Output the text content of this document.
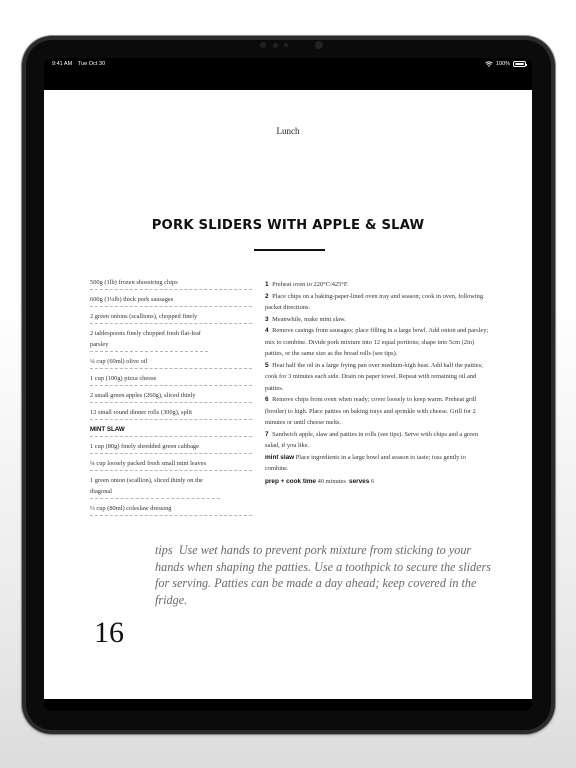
9:41 AM Tue Oct 30	100%
Lunch
PORK SLIDERS WITH APPLE & SLAW
500g (1lb) frozen shoestring chips
600g (1¼lb) thick pork sausages
2 green onions (scallions), chopped finely
2 tablespoons finely chopped fresh flat-leaf parsley
¼ cup (60ml) olive oil
1 cup (100g) pizza cheese
2 small green apples (260g), sliced thinly
12 small round dinner rolls (300g), split
MINT SLAW
1 cup (80g) finely shredded green cabbage
¼ cup loosely packed fresh small mint leaves
1 green onion (scallion), sliced thinly on the diagonal
⅓ cup (80ml) coleslaw dressing

1 Preheat oven to 220°C/425°F.

2 Place chips on a baking-paper-lined oven tray and season; cook in oven, following packet directions.

3 Meanwhile, make mint slaw.

4 Remove casings from sausages; place filling in a large bowl. Add onion and parsley; mix to combine. Divide pork mixture into 12 equal portions; shape into 5cm (2in) patties, or the same size as the bread rolls (see tips).

5 Heat half the oil in a large frying pan over medium-high heat. Add half the patties; cook for 3 minutes each side. Drain on paper towel. Repeat with remaining oil and patties.

6 Remove chips from oven when ready; cover loosely to keep warm. Preheat grill (broiler) to high. Place patties on baking trays and sprinkle with cheese. Grill for 2 minutes or until cheese melts.

7 Sandwich apple, slaw and patties in rolls (see tips). Serve with chips and a green salad, if you like.

mint slaw Place ingredients in a large bowl and season to taste; toss gently to combine.

prep + cook time 40 minutes serves 6

tips Use wet hands to prevent pork mixture from sticking to your hands when shaping the patties. Use a toothpick to secure the sliders for serving. Patties can be made a day ahead; keep covered in the fridge.
16
